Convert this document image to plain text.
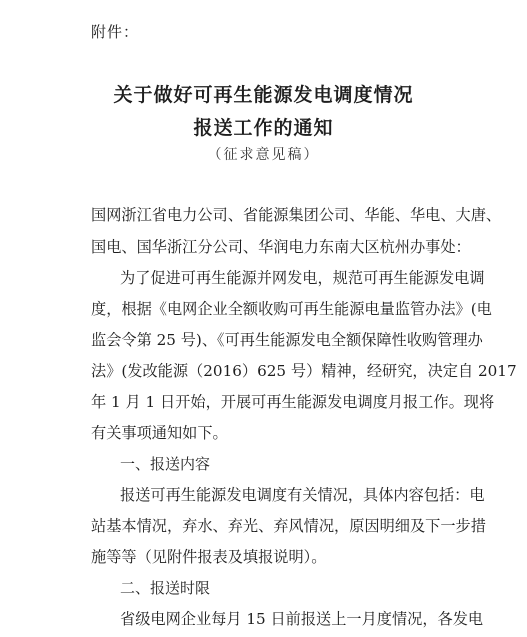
附件：
关于做好可再生能源发电调度情况
报送工作的通知
（征求意见稿）
国网浙江省电力公司、省能源集团公司、华能、华电、大唐、
国电、国华浙江分公司、华润电力东南大区杭州办事处：
为了促进可再生能源并网发电，规范可再生能源发电调
度，根据《电网企业全额收购可再生能源电量监管办法》(电
监会令第 25 号)、《可再生能源发电全额保障性收购管理办
法》(发改能源（2016）625 号）精神，经研究，决定自 2017
年 1 月 1 日开始，开展可再生能源发电调度月报工作。现将
有关事项通知如下。
一、报送内容
报送可再生能源发电调度有关情况，具体内容包括：电
站基本情况，弃水、弃光、弃风情况，原因明细及下一步措
施等等（见附件报表及填报说明）。
二、报送时限
省级电网企业每月 15 日前报送上一月度情况，各发电
